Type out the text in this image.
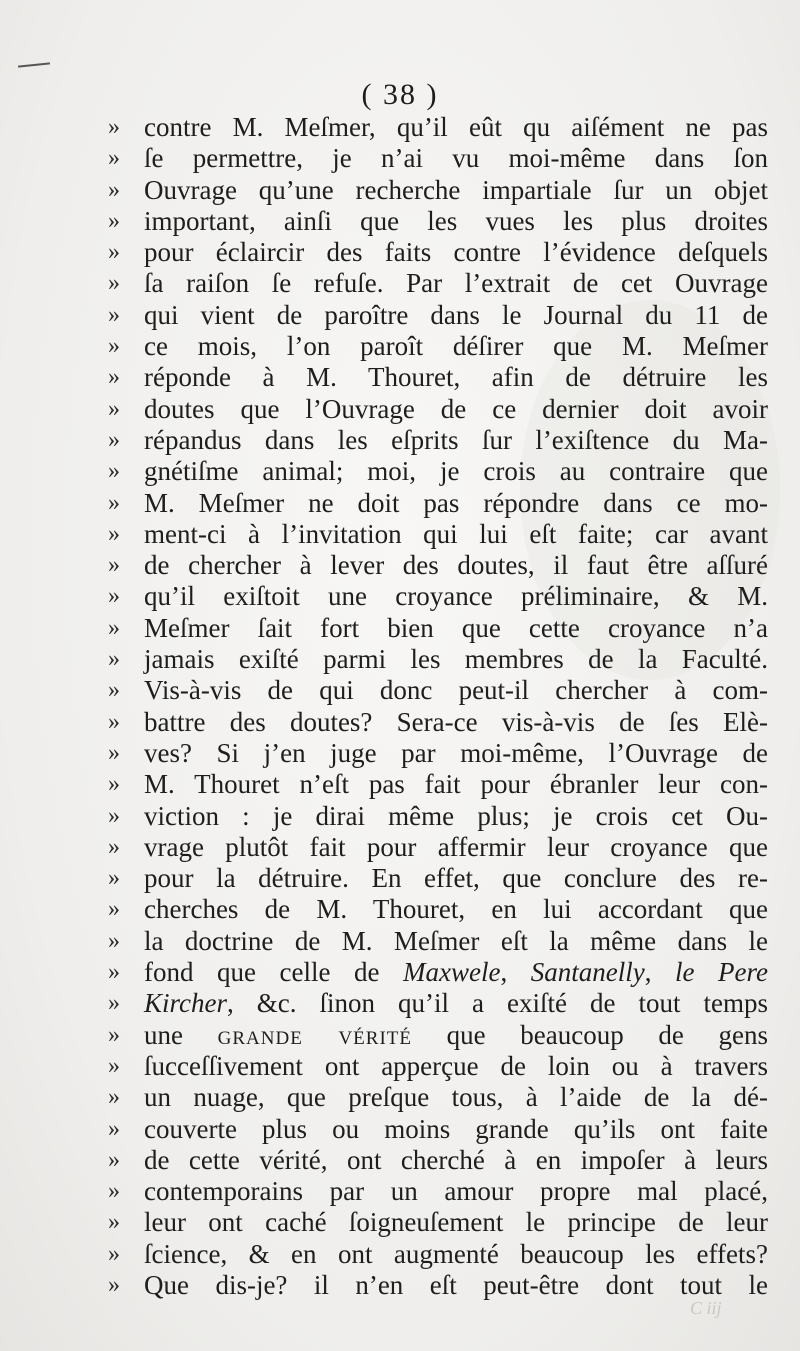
( 38 )
» contre M. Meſmer, qu’il eût qu aiſément ne pas
» ſe permettre, je n’ai vu moi-même dans ſon
» Ouvrage qu’une recherche impartiale ſur un objet
» important, ainſi que les vues les plus droites
» pour éclaircir des faits contre l’évidence deſquels
» ſa raiſon ſe refuſe. Par l’extrait de cet Ouvrage
» qui vient de paroître dans le Journal du 11 de
» ce mois, l’on paroît déſirer que M. Meſmer
» réponde à M. Thouret, afin de détruire les
» doutes que l’Ouvrage de ce dernier doit avoir
» répandus dans les eſprits ſur l’exiſtence du Ma-
» gnétiſme animal; moi, je crois au contraire que
» M. Meſmer ne doit pas répondre dans ce mo-
» ment-ci à l’invitation qui lui eſt faite; car avant
» de chercher à lever des doutes, il faut être aſſuré
» qu’il exiſtoit une croyance préliminaire, & M.
» Meſmer ſait fort bien que cette croyance n’a
» jamais exiſté parmi les membres de la Faculté.
» Vis-à-vis de qui donc peut-il chercher à com-
» battre des doutes? Sera-ce vis-à-vis de ſes Elè-
» ves? Si j’en juge par moi-même, l’Ouvrage de
» M. Thouret n’eſt pas fait pour ébranler leur con-
» viction : je dirai même plus; je crois cet Ou-
» vrage plutôt fait pour affermir leur croyance que
» pour la détruire. En effet, que conclure des re-
» cherches de M. Thouret, en lui accordant que
» la doctrine de M. Meſmer eſt la même dans le
» fond que celle de Maxwele, Santanelly, le Pere
» Kircher, &c. ſinon qu’il a exiſté de tout temps
» une grande vérité que beaucoup de gens
» ſucceſſivement ont apperçue de loin ou à travers
» un nuage, que preſque tous, à l’aide de la dé-
» couverte plus ou moins grande qu’ils ont faite
» de cette vérité, ont cherché à en impoſer à leurs
» contemporains par un amour propre mal placé,
» leur ont caché ſoigneuſement le principe de leur
» ſcience, & en ont augmenté beaucoup les effets?
» Que dis-je? il n’en eſt peut-être dont tout le
C iij
